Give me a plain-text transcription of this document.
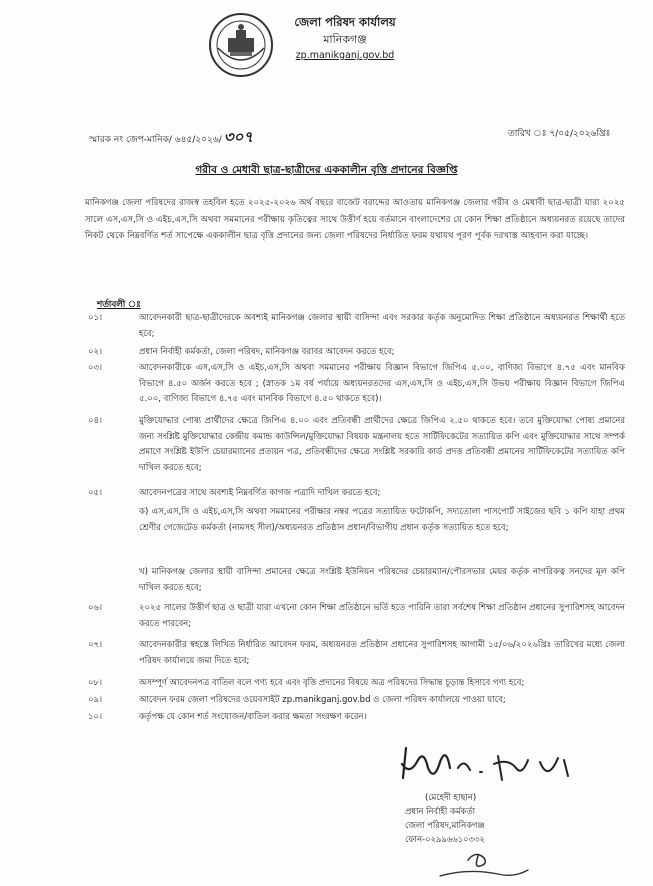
জেলা পরিষদ কার্যালয়
মানিকগঞ্জ
zp.manikganj.gov.bd
স্মারক নং জেপ-মানিক/ ৬৪৫/২০২৬/ ৩০৭	তারিখ ঃ ৭/০৫/২০২৬খ্রিঃ
গরীব ও মেধাবী ছাত্র-ছাত্রীদের এককালীন বৃত্তি প্রদানের বিজ্ঞপ্তি
মানিকগঞ্জ জেলা পরিষদের রাজস্ব তহবিল হতে ২০২৫-২০২৬ অর্থ বছরে বাজেট বরাদ্দের আওতায় মানিকগঞ্জ জেলার গরীব ও মেধাবী ছাত্র-ছাত্রী যারা ২০২৫ সালে এস,এস,সি ও এইচ,এস,সি অথবা সমমানের পরীক্ষায় কৃতিত্বের সাথে উত্তীর্ণ হয়ে বর্তমানে বাংলাদেশের যে কোন শিক্ষা প্রতিষ্ঠানে অধ্যয়নরত রয়েছে তাদের নিকট থেকে নিম্নবর্ণিত শর্ত সাপেক্ষে এককালীন ছাত্র বৃত্তি প্রদানের জন্য জেলা পরিষদের নির্ধারিত ফরম যথাযথ পূরণ পূর্বক দরখাস্ত আহবান করা যাচ্ছে।
শর্তাবলী ঃ
০১।	আবেদনকারী ছাত্র-ছাত্রীদেরকে অবশ্যই মানিকগঞ্জ জেলার স্থায়ী বাসিন্দা এবং সরকার কর্তৃক অনুমোদিত শিক্ষা প্রতিষ্ঠানে অধ্যয়নরত শিক্ষার্থী হতে হবে;
০২।	প্রধান নির্বাহী কর্মকর্তা, জেলা পরিষদ, মানিকগঞ্জ বরাবর আবেদন করতে হবে;
০৩।	আবেদনকারীকে এস,এস,সি ও এইচ,এস,সি অথবা সমমানের পরীক্ষায় বিজ্ঞান বিভাগে জিপিএ ৫.০০, বাণিজ্য বিভাগে ৪.৭৫ এবং মানবিক বিভাগে ৪.৫০ অর্জন করতে হবে ; (স্নাতক ১ম বর্ষ পর্যায়ে অধ্যয়নরতদের এস,এস,সি ও এইচ,এস,সি উভয় পরীক্ষায় বিজ্ঞান বিভাগে জিপিএ ৫.০০, বাণিজ্য বিভাগে ৪.৭৫ এবং মানবিক বিভাগে ৪.৫০ থাকতে হবে)।
০৪।	মুক্তিযোদ্ধার পোষ্য প্রার্থীদের ক্ষেত্রে জিপিএ ৪.০০ এবং প্রতিবন্ধী প্রার্থীদের ক্ষেত্রে জিপিএ ২.৫০ থাকতে হবে। তবে মুক্তিযোদ্ধা পোষ্য প্রমানের জন্য সংশ্লিষ্ট মুক্তিযোদ্ধার কেন্দ্রীয় কমান্ড কাউন্সিল/মুক্তিযোদ্ধা বিষয়ক মন্ত্রনালয় হতে সার্টিফিকেটের সত্যায়িত কপি এবং মুক্তিযোদ্ধার সাথে সম্পর্ক প্রমাণে সংশ্লিষ্ট ইউপি চেয়ারম্যানের প্রত্যয়ন পত্র, প্রতিবন্ধীদের ক্ষেত্রে সংশ্লিষ্ট সরকারি কার্ড প্রদত্ত প্রতিবন্ধী প্রমানের সার্টিফিকেটের সত্যায়িত কপি দাখিল করতে হবে;
০৫।	আবেদনপত্রের সাথে অবশ্যই নিম্নবর্ণিত কাগজ পত্রাদি দাখিল করতে হবে;
ক) এস,এস,সি ও এইচ,এস,সি অথবা সমমানের পরীক্ষার নম্বর পত্রের সত্যায়িত ফটোকপি, সদ্যতোলা পাসপোর্ট সাইজের ছবি ১ কপি যাহা প্রথম শ্রেণীর গেজেটেড কর্মকর্তা (নামসহ সীল)/অধ্যয়নরত প্রতিষ্ঠান প্রধান/বিভাগীয় প্রধান কর্তৃক সত্যায়িত হতে হবে;
খ) মানিকগঞ্জ জেলার স্থায়ী বাসিন্দা প্রমানের ক্ষেত্রে সংশ্লিষ্ট ইউনিয়ন পরিষদের চেয়ারম্যান/পৌরসভার মেয়র কর্তৃক নাগরিকত্ব সনদের মূল কপি দাখিল করতে হবে;
০৬।	২০২৫ সালের উত্তীর্ণ ছাত্র ও ছাত্রী যারা এখনো কোন শিক্ষা প্রতিষ্ঠানে ভর্তি হতে পারিনি তারা সর্বশেষ শিক্ষা প্রতিষ্ঠান প্রধানের সুপারিশসহ আবেদন করতে পারবেন;
০৭।	আবেদনকারীর স্বহস্তে লিখিত নির্ধারিত আবেদন ফরম, অধ্যয়নরত প্রতিষ্ঠান প্রধানের সুপারিশসহ আগামী ১৫/০৬/২০২৬খ্রিঃ তারিখের মধ্যে জেলা পরিষদ কার্যালয়ে জমা দিতে হবে;
০৮।	অসম্পূর্ণ আবেদনপত্র বাতিল বলে গণ্য হবে এবং বৃত্তি প্রদানের বিষয়ে অত্র পরিষদের সিদ্ধান্ত চূড়ান্ত হিসাবে গণ্য হবে;
০৯।	আবেদন ফরম জেলা পরিষদের ওয়েবসাইট zp.manikganj.gov.bd ও জেলা পরিষদ কার্যালয়ে পাওয়া যাবে;
১০।	কর্তৃপক্ষ যে কোন শর্ত সংযোজন/বাতিল করার ক্ষমতা সংরক্ষণ করেন।
(মেহেদী হাছান)
প্রধান নির্বাহী কর্মকর্তা
জেলা পরিষদ,মানিকগঞ্জ
ফোন-০২৯৯৬৬১০৩৩২
